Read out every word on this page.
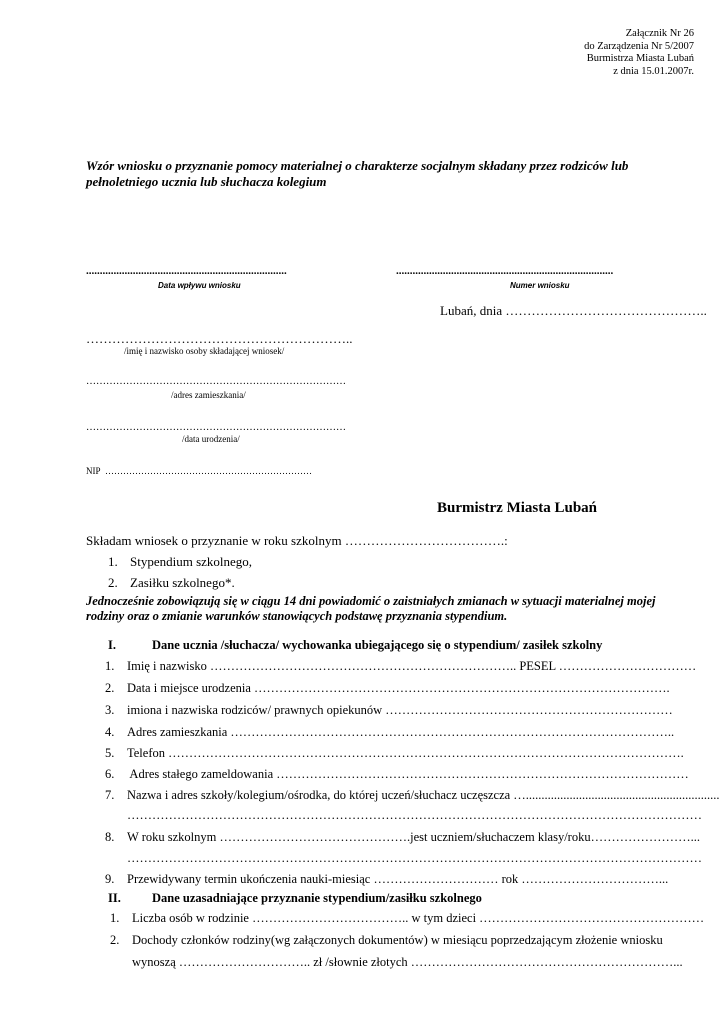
Załącznik Nr 26
do Zarządzenia Nr 5/2007
Burmistrza Miasta Lubań
z dnia 15.01.2007r.
Wzór wniosku o przyznanie pomocy materialnej o charakterze socjalnym składany przez rodziców lub pełnoletniego ucznia lub słuchacza kolegium
.........................................................................
Data wpływu wniosku
...............................................................................
Numer wniosku
Lubań, dnia ………………………………………..
……………………………………………………..
/imię i nazwisko osoby składającej wniosek/
……………………………………………………………………
/adres zamieszkania/
……………………………………………………………………
/data urodzenia/
NIP ……………………………………………………………
Burmistrz Miasta Lubań
Składam wniosek o przyznanie w roku szkolnym ……………………………….:
1. Stypendium szkolnego,
2. Zasiłku szkolnego*.
Jednocześnie zobowiązują się w ciągu 14 dni powiadomić o zaistniałych zmianach w sytuacji materialnej mojej rodziny oraz o zmianie warunków stanowiących podstawę przyznania stypendium.
I.	Dane ucznia /słuchacza/ wychowanka ubiegającego się o stypendium/ zasiłek szkolny
1. Imię i nazwisko ……………………………………………………………….. PESEL ……………………………
2. Data i miejsce urodzenia ……………………………………………………………………………………….
3. imiona i nazwiska rodziców/ prawnych opiekunów ……………………………………………………………
4. Adres zamieszkania ……………………………………………………………………………………………..
5. Telefon …………………………………………………………………………………………………………….
6. Adres stałego zameldowania ………………………………………………………………………………………
7. Nazwa i adres szkoły/kolegium/ośrodka, do której uczeń/słuchacz uczęszcza …..............................................................
…………………………………………………………………………………………………………………………
8. W roku szkolnym ……………………………………….jest uczniem/słuchaczem klasy/roku……………………...
…………………………………………………………………………………………………………………………
9. Przewidywany termin ukończenia nauki-miesiąc ………………………… rok ……………………………...
II. Dane uzasadniające przyznanie stypendium/zasiłku szkolnego
1. Liczba osób w rodzinie ……………………………….. w tym dzieci ………………………………………………
2. Dochody członków rodziny(wg załączonych dokumentów) w miesiącu poprzedzającym złożenie wniosku
wynoszą ………………………….. zł /słownie złotych ………………………………………………………...
